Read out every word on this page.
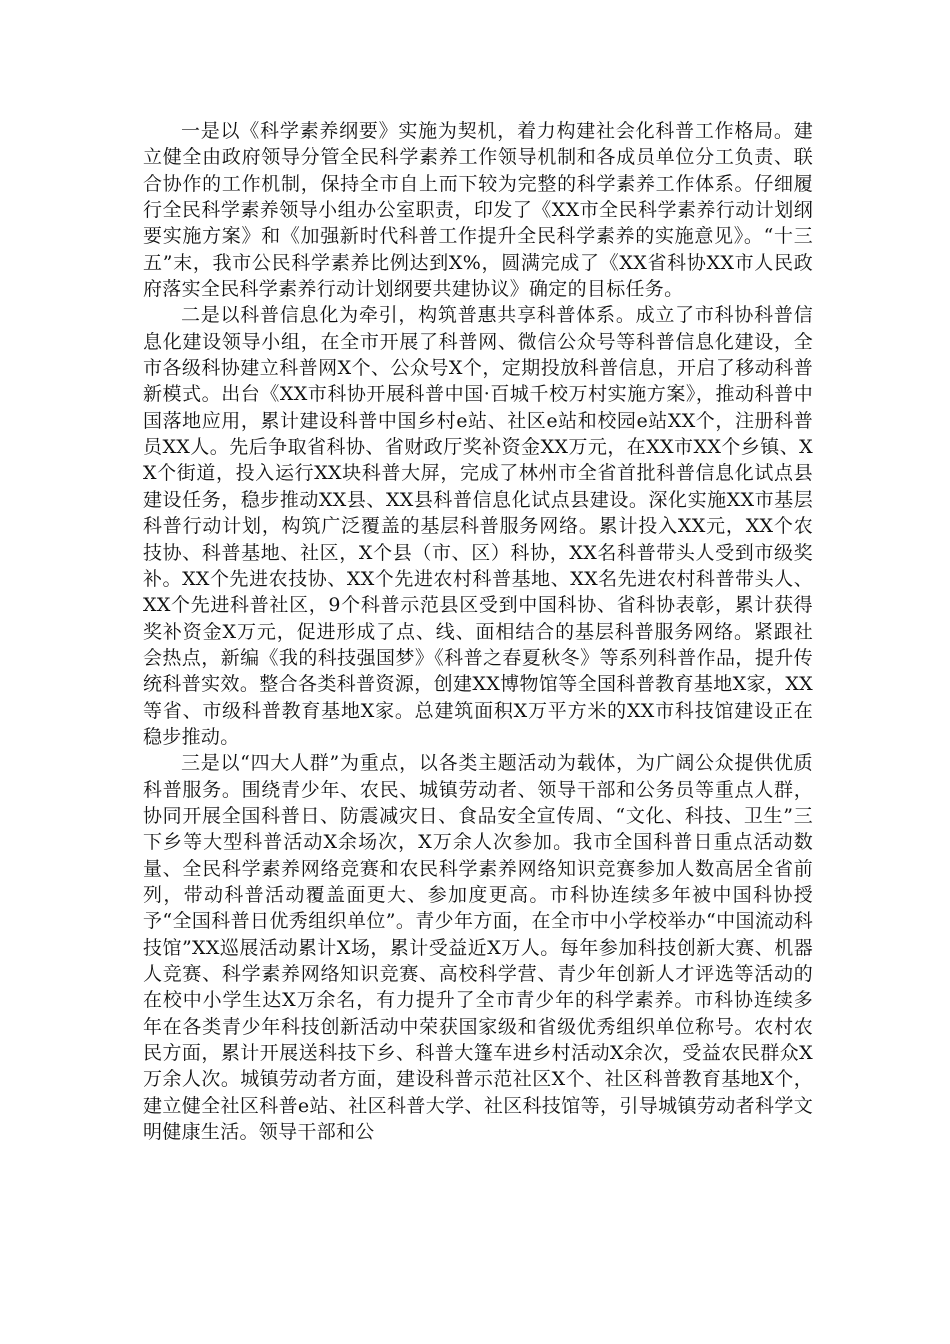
一是以《科学素养纲要》实施为契机，着力构建社会化科普工作格局。建立健全由政府领导分管全民科学素养工作领导机制和各成员单位分工负责、联合协作的工作机制，保持全市自上而下较为完整的科学素养工作体系。仔细履行全民科学素养领导小组办公室职责，印发了《XX市全民科学素养行动计划纲要实施方案》和《加强新时代科普工作提升全民科学素养的实施意见》。“十三五”末，我市公民科学素养比例达到X%，圆满完成了《XX省科协XX市人民政府落实全民科学素养行动计划纲要共建协议》确定的目标任务。

二是以科普信息化为牵引，构筑普惠共享科普体系。成立了市科协科普信息化建设领导小组，在全市开展了科普网、微信公众号等科普信息化建设，全市各级科协建立科普网X个、公众号X个，定期投放科普信息，开启了移动科普新模式。出台《XX市科协开展科普中国·百城千校万村实施方案》，推动科普中国落地应用，累计建设科普中国乡村e站、社区e站和校园e站XX个，注册科普员XX人。先后争取省科协、省财政厅奖补资金XX万元，在XX市XX个乡镇、XX个街道，投入运行XX块科普大屏，完成了林州市全省首批科普信息化试点县建设任务，稳步推动XX县、XX县科普信息化试点县建设。深化实施XX市基层科普行动计划，构筑广泛覆盖的基层科普服务网络。累计投入XX元，XX个农技协、科普基地、社区，X个县（市、区）科协，XX名科普带头人受到市级奖补。XX个先进农技协、XX个先进农村科普基地、XX名先进农村科普带头人、XX个先进科普社区，9个科普示范县区受到中国科协、省科协表彰，累计获得奖补资金X万元，促进形成了点、线、面相结合的基层科普服务网络。紧跟社会热点，新编《我的科技强国梦》《科普之春夏秋冬》等系列科普作品，提升传统科普实效。整合各类科普资源，创建XX博物馆等全国科普教育基地X家，XX等省、市级科普教育基地X家。总建筑面积X万平方米的XX市科技馆建设正在稳步推动。

三是以“四大人群”为重点，以各类主题活动为载体，为广阔公众提供优质科普服务。围绕青少年、农民、城镇劳动者、领导干部和公务员等重点人群，协同开展全国科普日、防震减灾日、食品安全宣传周、“文化、科技、卫生”三下乡等大型科普活动X余场次，X万余人次参加。我市全国科普日重点活动数量、全民科学素养网络竞赛和农民科学素养网络知识竞赛参加人数高居全省前列，带动科普活动覆盖面更大、参加度更高。市科协连续多年被中国科协授予“全国科普日优秀组织单位”。青少年方面，在全市中小学校举办“中国流动科技馆”XX巡展活动累计X场，累计受益近X万人。每年参加科技创新大赛、机器人竞赛、科学素养网络知识竞赛、高校科学营、青少年创新人才评选等活动的在校中小学生达X万余名，有力提升了全市青少年的科学素养。市科协连续多年在各类青少年科技创新活动中荣获国家级和省级优秀组织单位称号。农村农民方面，累计开展送科技下乡、科普大篷车进乡村活动X余次，受益农民群众X万余人次。城镇劳动者方面，建设科普示范社区X个、社区科普教育基地X个，建立健全社区科普e站、社区科普大学、社区科技馆等，引导城镇劳动者科学文明健康生活。领导干部和公
